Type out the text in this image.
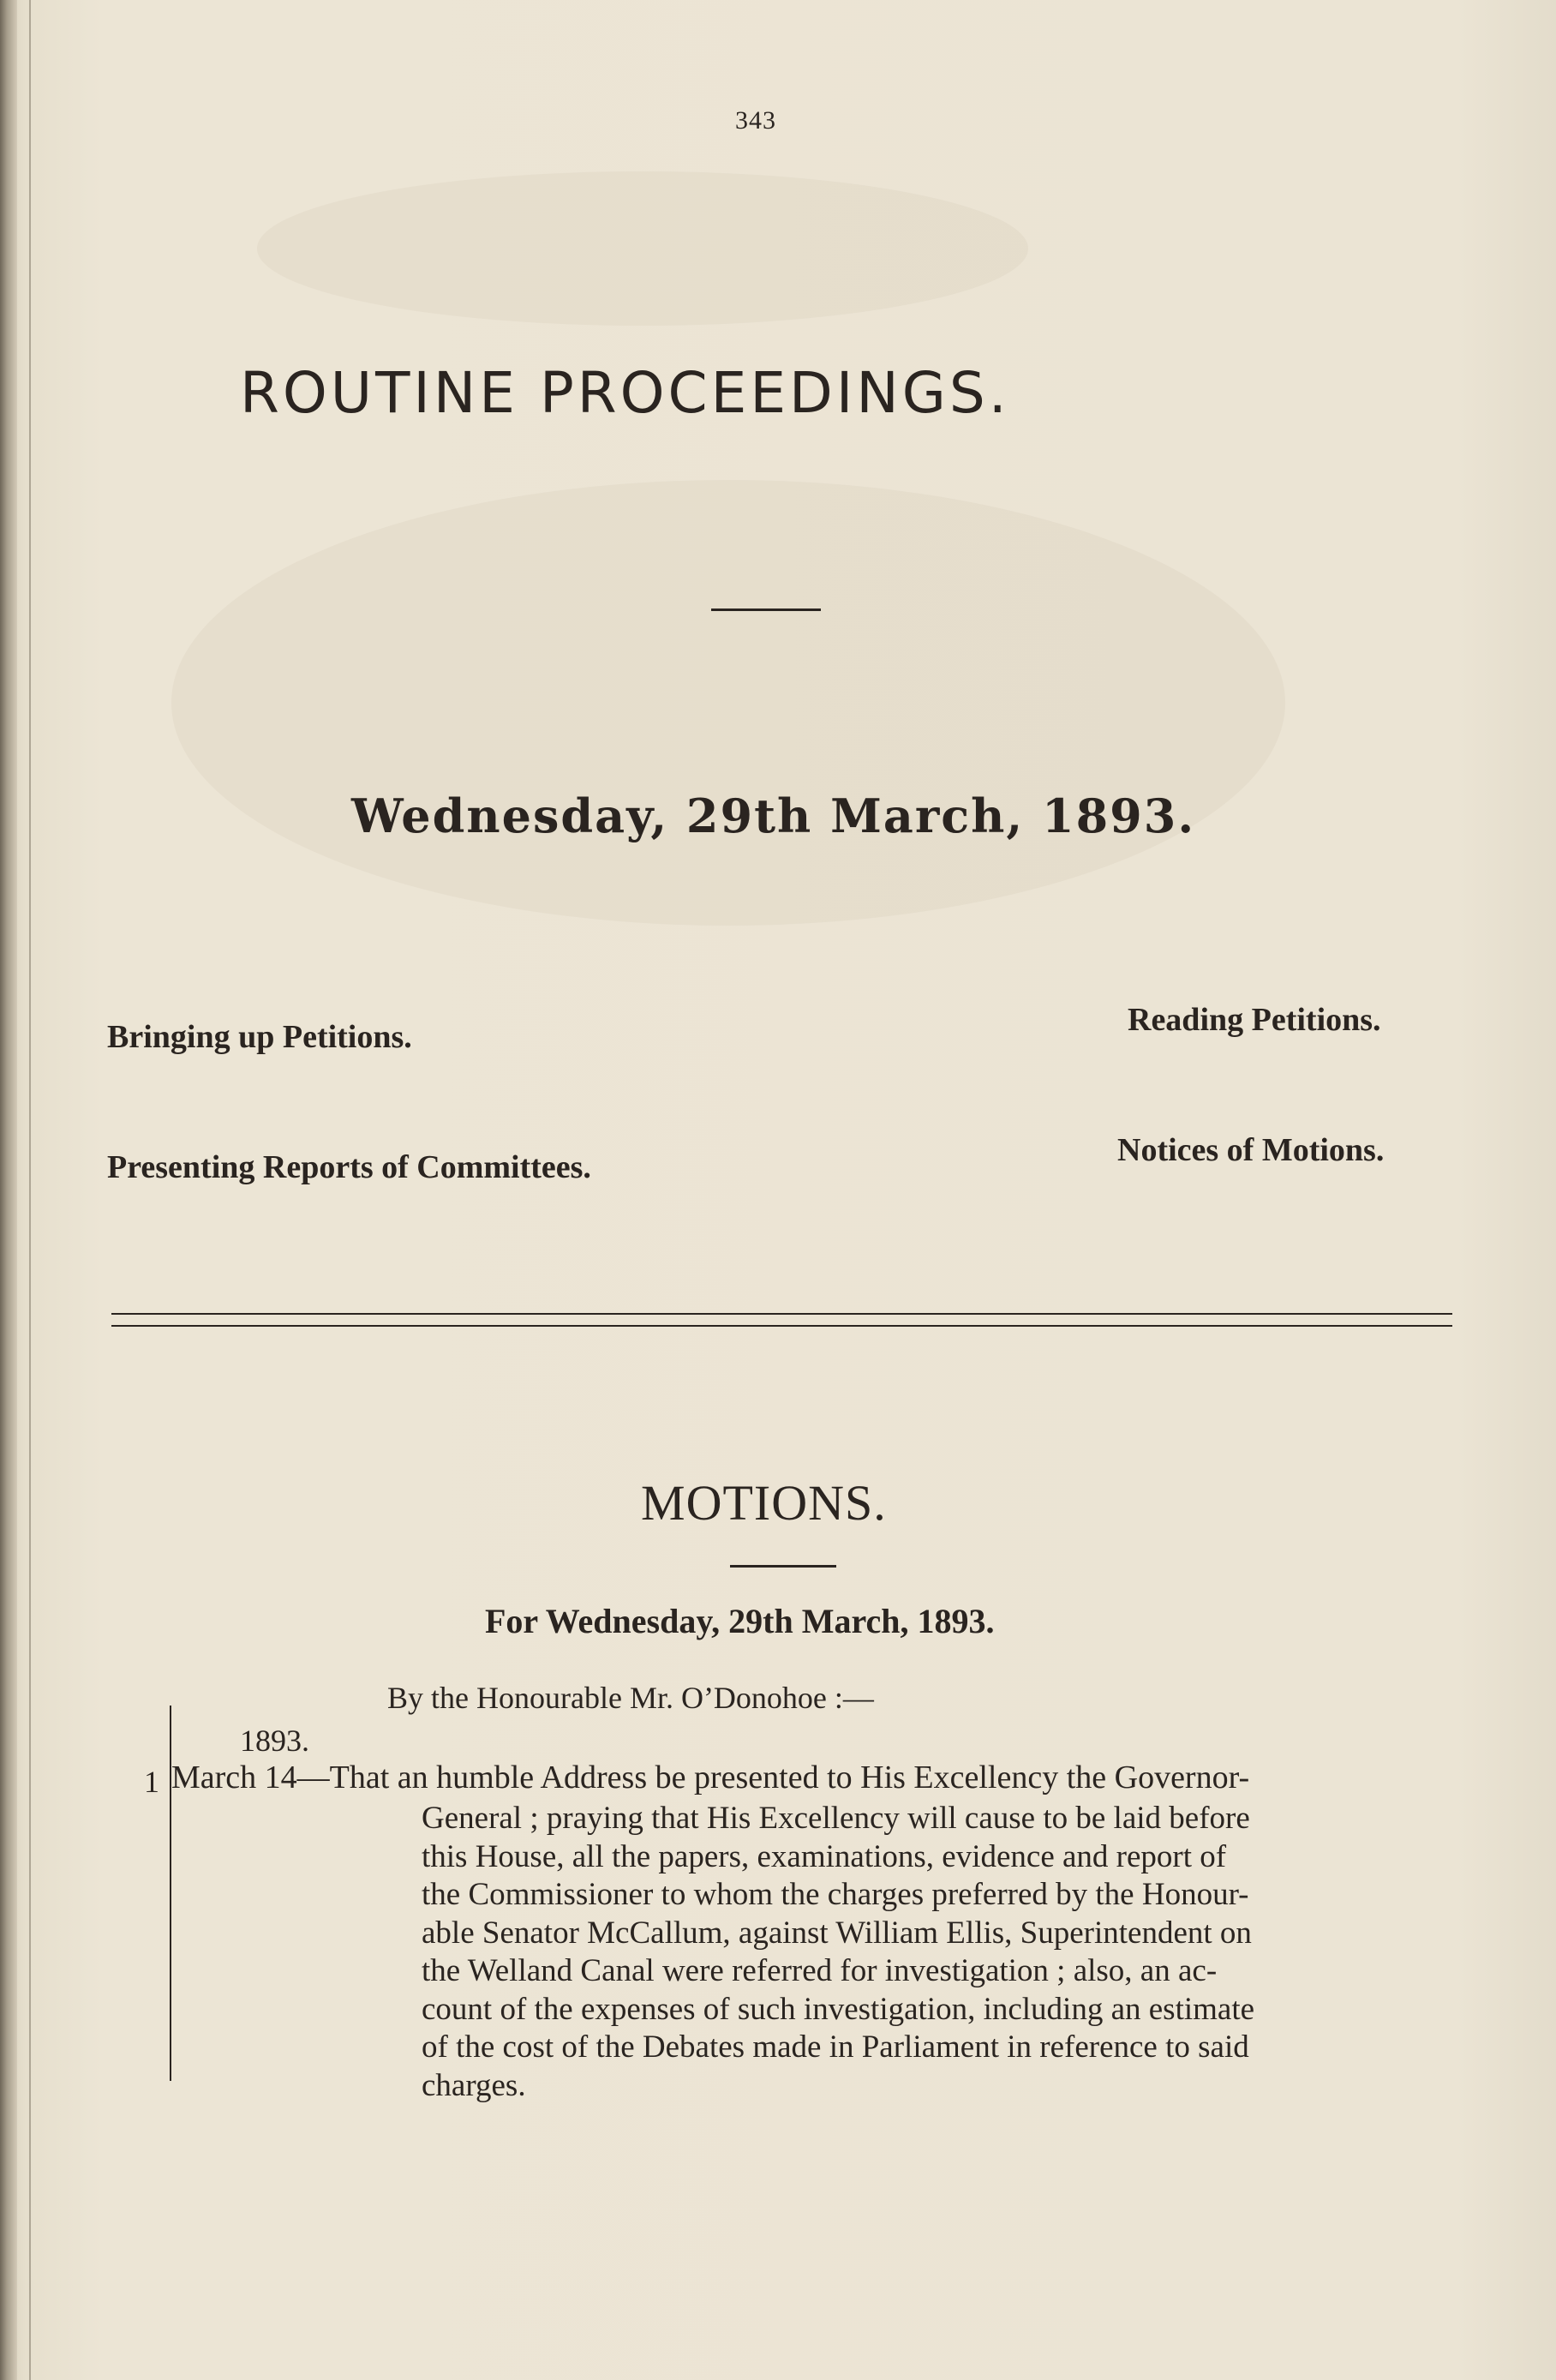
343
ROUTINE PROCEEDINGS.
Wednesday, 29th March, 1893.
Bringing up Petitions.	Reading Petitions.
Presenting Reports of Committees.	Notices of Motions.
MOTIONS.
For Wednesday, 29th March, 1893.
By the Honourable Mr. O’Donohoe :—
1893.
1 March 14—That an humble Address be presented to His Excellency the Governor-
General ; praying that His Excellency will cause to be laid before
this House, all the papers, examinations, evidence and report of
the Commissioner to whom the charges preferred by the Honour-
able Senator McCallum, against William Ellis, Superintendent on
the Welland Canal were referred for investigation ; also, an ac-
count of the expenses of such investigation, including an estimate
of the cost of the Debates made in Parliament in reference to said
charges.
